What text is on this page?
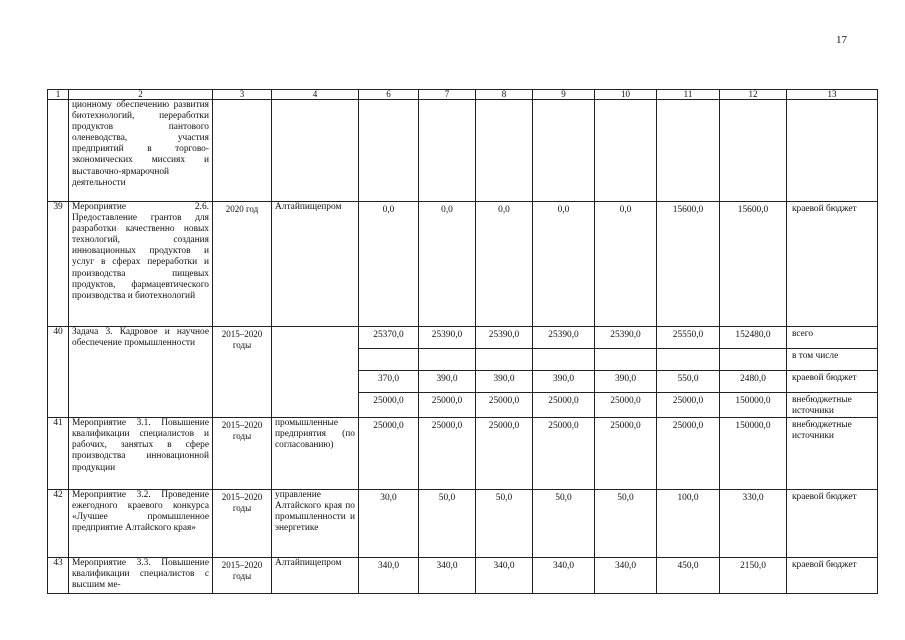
17
1	2	3	4	6	7	8	9	10	11	12	13
	ционному обеспечению развития биотехнологий, переработки продуктов пантового оленеводства, участия предприятий в торгово-экономических миссиях и выставочно-ярмарочной деятельности										
39	Мероприятие 2.6. Предоставление грантов для разработки качественно новых технологий, создания инновационных продуктов и услуг в сферах переработки и производства пищевых продуктов, фармацевтического производства и биотехнологий	2020 год	Алтайпищепром	0,0	0,0	0,0	0,0	0,0	15600,0	15600,0	краевой бюджет
40	Задача 3. Кадровое и научное обеспечение промышленности	2015–2020 годы		25370,0	25390,0	25390,0	25390,0	25390,0	25550,0	152480,0	всего
											в том числе
				370,0	390,0	390,0	390,0	390,0	550,0	2480,0	краевой бюджет
				25000,0	25000,0	25000,0	25000,0	25000,0	25000,0	150000,0	внебюджетные источники
41	Мероприятие 3.1. Повышение квалификации специалистов и рабочих, занятых в сфере производства инновационной продукции	2015–2020 годы	промышленные предприятия (по согласованию)	25000,0	25000,0	25000,0	25000,0	25000,0	25000,0	150000,0	внебюджетные источники
42	Мероприятие 3.2. Проведение ежегодного краевого конкурса «Лучшее промышленное предприятие Алтайского края»	2015–2020 годы	управление Алтайского края по промышленности и энергетике	30,0	50,0	50,0	50,0	50,0	100,0	330,0	краевой бюджет
43	Мероприятие 3.3. Повышение квалификации специалистов с высшим ме-	2015–2020 годы	Алтайпищепром	340,0	340,0	340,0	340,0	340,0	450,0	2150,0	краевой бюджет
